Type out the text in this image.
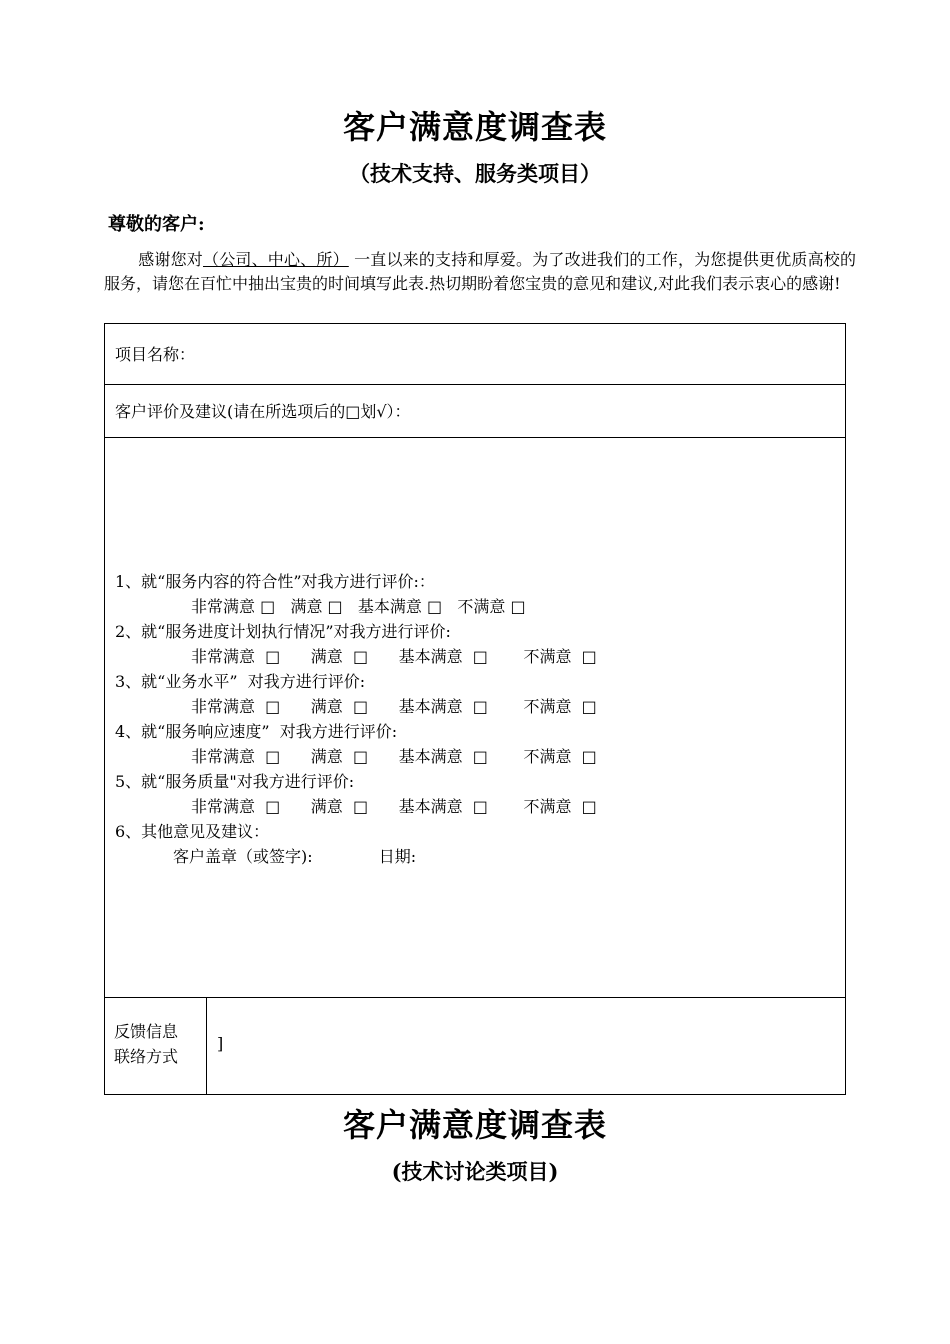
客户满意度调查表
（技术支持、服务类项目）
尊敬的客户:
感谢您对（公司、中心、所） 一直以来的支持和厚爱。为了改进我们的工作，为您提供更优质高校的服务，请您在百忙中抽出宝贵的时间填写此表.热切期盼着您宝贵的意见和建议,对此我们表示衷心的感谢!
项目名称：
客户评价及建议(请在所选项后的□划√）：
1、就“服务内容的符合性”对我方进行评价:：
非常满意 □   满意 □   基本满意 □   不满意 □
2、就“服务进度计划执行情况”对我方进行评价:
非常满意  □      满意  □      基本满意  □       不满意  □
3、就“业务水平”  对我方进行评价:
非常满意  □      满意  □      基本满意  □       不满意  □
4、就“服务响应速度”  对我方进行评价:
非常满意  □      满意  □      基本满意  □       不满意  □
5、就“服务质量"对我方进行评价:
非常满意  □      满意  □      基本满意  □       不满意  □
6、其他意见及建议：
客户盖章（或签字):             日期:
反馈信息
联络方式
]
客户满意度调查表
(技术讨论类项目)
